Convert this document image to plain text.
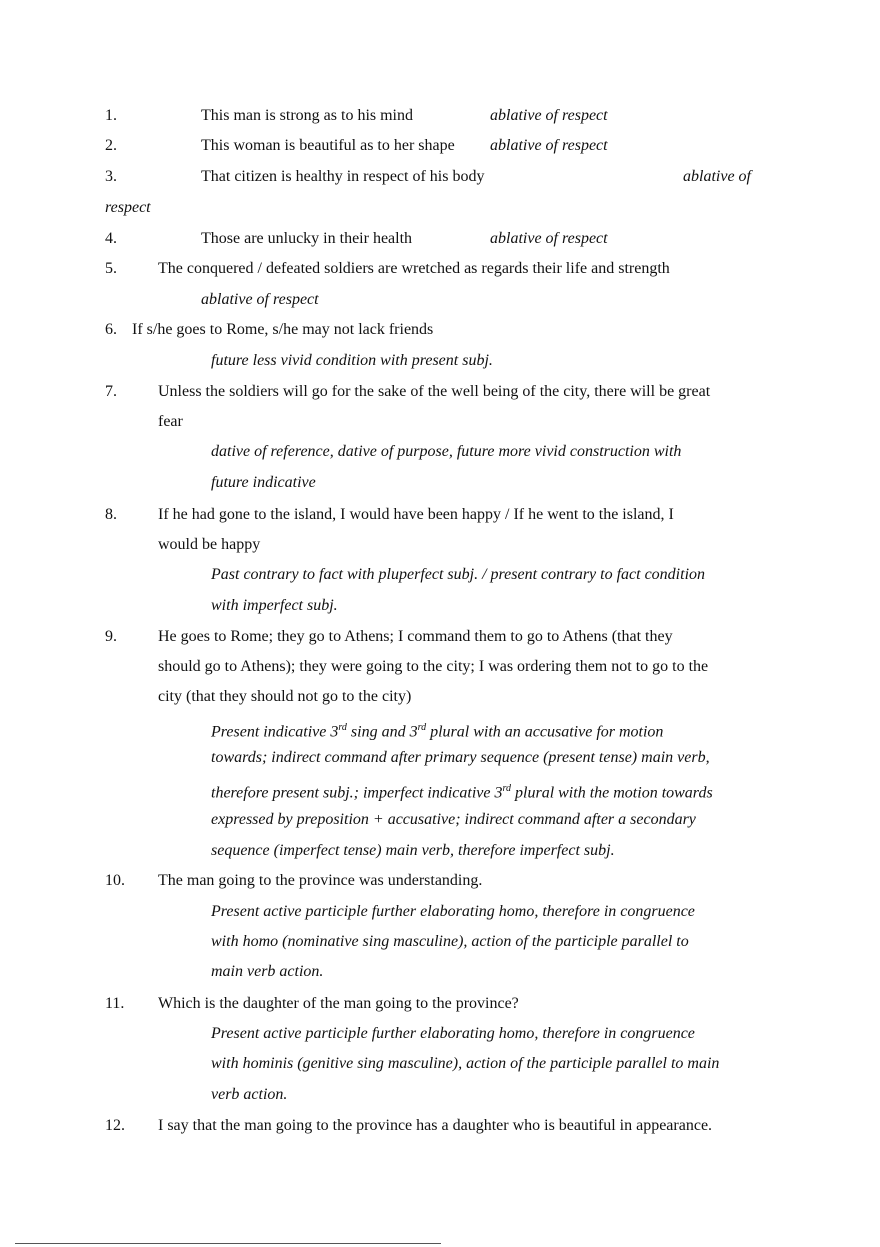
1.	This man is strong as to his mind	ablative of respect
2.	This woman is beautiful as to her shape ablative of respect
3.	That citizen is healthy in respect of his body	ablative of
respect
4.	Those are unlucky in their health	ablative of respect
5.	The conquered / defeated soldiers are wretched as regards their life and strength
ablative of respect
6. If s/he goes to Rome, s/he may not lack friends
future less vivid condition with present subj.
7.	Unless the soldiers will go for the sake of the well being of the city, there will be great
fear
dative of reference, dative of purpose, future more vivid construction with
future indicative
8.	If he had gone to the island, I would have been happy / If he went to the island, I
would be happy
Past contrary to fact with pluperfect subj. / present contrary to fact condition
with imperfect subj.
9.	He goes to Rome; they go to Athens; I command them to go to Athens (that they
should go to Athens); they were going to the city; I was ordering them not to go to the
city (that they should not go to the city)
Present indicative 3rd sing and 3rd plural with an accusative for motion
towards; indirect command after primary sequence (present tense) main verb,
therefore present subj.; imperfect indicative 3rd plural with the motion towards
expressed by preposition + accusative; indirect command after a secondary
sequence (imperfect tense) main verb, therefore imperfect subj.
10. The man going to the province was understanding.
Present active participle further elaborating homo, therefore in congruence
with homo (nominative sing masculine), action of the participle parallel to
main verb action.
11. Which is the daughter of the man going to the province?
Present active participle further elaborating homo, therefore in congruence
with hominis (genitive sing masculine), action of the participle parallel to main
verb action.
12. I say that the man going to the province has a daughter who is beautiful in appearance.
